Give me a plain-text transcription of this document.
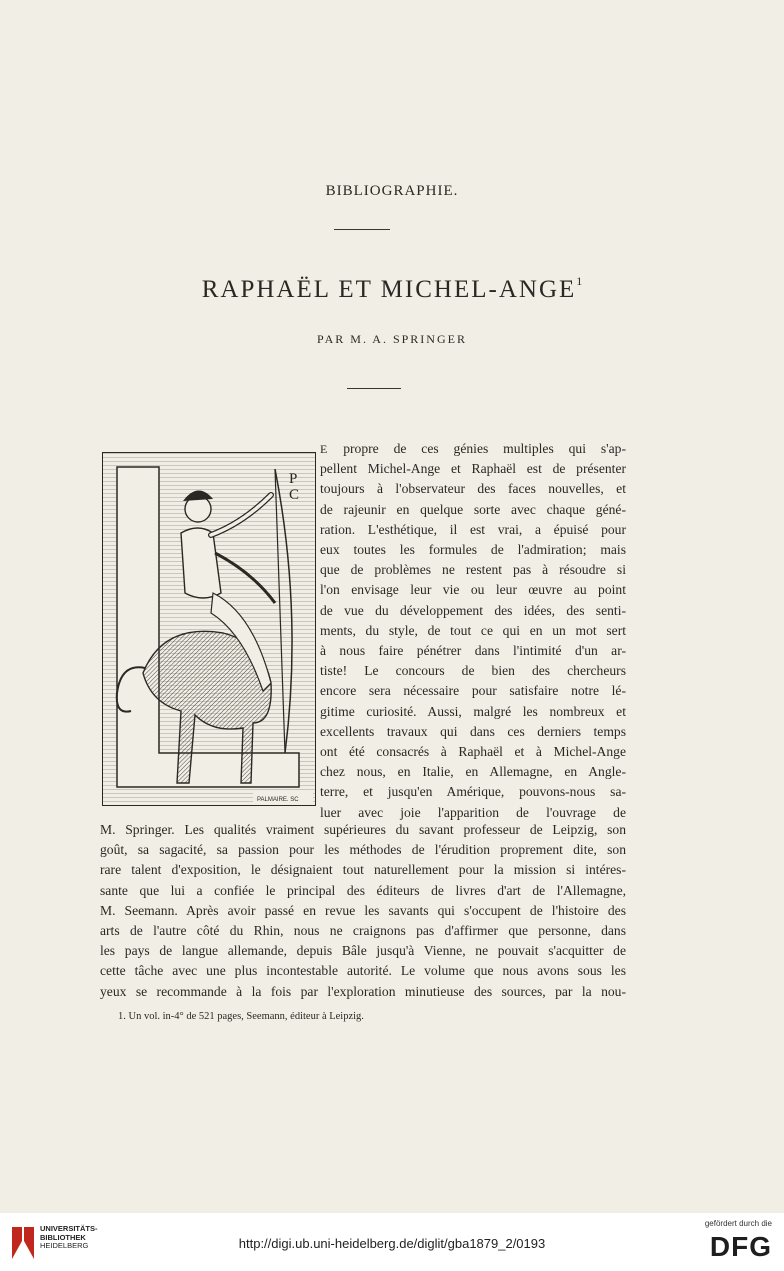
BIBLIOGRAPHIE.
RAPHAËL ET MICHEL-ANGE$^1$
PAR M. A. SPRINGER
P
C
PALMAIRE. SC

E propre de ces génies multiples qui s'ap-

pellent Michel-Ange et Raphaël est de présenter

toujours à l'observateur des faces nouvelles, et

de rajeunir en quelque sorte avec chaque géné-

ration. L'esthétique, il est vrai, a épuisé pour

eux toutes les formules de l'admiration; mais

que de problèmes ne restent pas à résoudre si

l'on envisage leur vie ou leur œuvre au point

de vue du développement des idées, des senti-

ments, du style, de tout ce qui en un mot sert

à nous faire pénétrer dans l'intimité d'un ar-

tiste! Le concours de bien des chercheurs

encore sera nécessaire pour satisfaire notre lé-

gitime curiosité. Aussi, malgré les nombreux et

excellents travaux qui dans ces derniers temps

ont été consacrés à Raphaël et à Michel-Ange

chez nous, en Italie, en Allemagne, en Angle-

terre, et jusqu'en Amérique, pouvons-nous sa-

luer avec joie l'apparition de l'ouvrage de

M. Springer. Les qualités vraiment supérieures du savant professeur de Leipzig, son

goût, sa sagacité, sa passion pour les méthodes de l'érudition proprement dite, son

rare talent d'exposition, le désignaient tout naturellement pour la mission si intéres-

sante que lui a confiée le principal des éditeurs de livres d'art de l'Allemagne,

M. Seemann. Après avoir passé en revue les savants qui s'occupent de l'histoire des

arts de l'autre côté du Rhin, nous ne craignons pas d'affirmer que personne, dans

les pays de langue allemande, depuis Bâle jusqu'à Vienne, ne pouvait s'acquitter de

cette tâche avec une plus incontestable autorité. Le volume que nous avons sous les

yeux se recommande à la fois par l'exploration minutieuse des sources, par la nou-

1. Un vol. in-4° de 521 pages, Seemann, éditeur à Leipzig.
UNIVERSITÄTS-
BIBLIOTHEK
HEIDELBERG	http://digi.ub.uni-heidelberg.de/diglit/gba1879_2/0193
gefördert durch die
DFG
